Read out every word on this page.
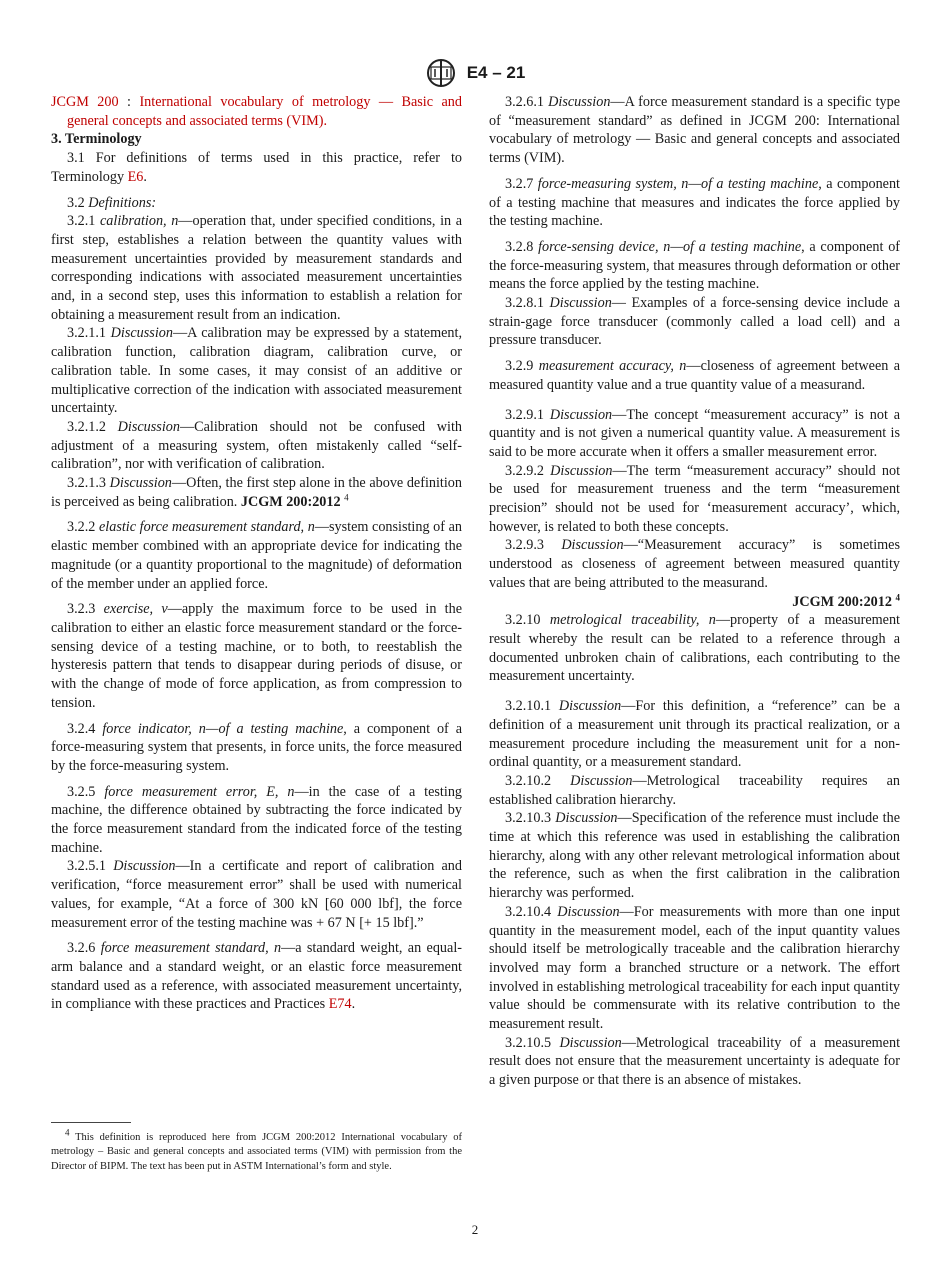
E4 – 21

JCGM 200 : International vocabulary of metrology — Basic and general concepts and associated terms (VIM).

3. Terminology

3.1 For definitions of terms used in this practice, refer to Terminology E6.

3.2 Definitions:

3.2.1 calibration, n—operation that, under specified conditions, in a first step, establishes a relation between the quantity values with measurement uncertainties provided by measurement standards and corresponding indications with associated measurement uncertainties and, in a second step, uses this information to establish a relation for obtaining a measurement result from an indication.

3.2.1.1 Discussion—A calibration may be expressed by a statement, calibration function, calibration diagram, calibration curve, or calibration table. In some cases, it may consist of an additive or multiplicative correction of the indication with associated measurement uncertainty.

3.2.1.2 Discussion—Calibration should not be confused with adjustment of a measuring system, often mistakenly called “self-calibration”, nor with verification of calibration.

3.2.1.3 Discussion—Often, the first step alone in the above definition is perceived as being calibration. JCGM 200:2012 $^4$

3.2.2 elastic force measurement standard, n—system consisting of an elastic member combined with an appropriate device for indicating the magnitude (or a quantity proportional to the magnitude) of deformation of the member under an applied force.

3.2.3 exercise, v—apply the maximum force to be used in the calibration to either an elastic force measurement standard or the force-sensing device of a testing machine, or to both, to reestablish the hysteresis pattern that tends to disappear during periods of disuse, or with the change of mode of force application, as from compression to tension.

3.2.4 force indicator, n—of a testing machine, a component of a force-measuring system that presents, in force units, the force measured by the force-measuring system.

3.2.5 force measurement error, E, n—in the case of a testing machine, the difference obtained by subtracting the force indicated by the force measurement standard from the indicated force of the testing machine.

3.2.5.1 Discussion—In a certificate and report of calibration and verification, “force measurement error” shall be used with numerical values, for example, “At a force of 300 kN [60 000 lbf], the force measurement error of the testing machine was + 67 N [+ 15 lbf].”

3.2.6 force measurement standard, n—a standard weight, an equal-arm balance and a standard weight, or an elastic force measurement standard used as a reference, with associated measurement uncertainty, in compliance with these practices and Practices E74.

3.2.6.1 Discussion—A force measurement standard is a specific type of “measurement standard” as defined in JCGM 200: International vocabulary of metrology — Basic and general concepts and associated terms (VIM).

3.2.7 force-measuring system, n—of a testing machine, a component of a testing machine that measures and indicates the force applied by the testing machine.

3.2.8 force-sensing device, n—of a testing machine, a component of the force-measuring system, that measures through deformation or other means the force applied by the testing machine.

3.2.8.1 Discussion— Examples of a force-sensing device include a strain-gage force transducer (commonly called a load cell) and a pressure transducer.

3.2.9 measurement accuracy, n—closeness of agreement between a measured quantity value and a true quantity value of a measurand.

3.2.9.1 Discussion—The concept “measurement accuracy” is not a quantity and is not given a numerical quantity value. A measurement is said to be more accurate when it offers a smaller measurement error.

3.2.9.2 Discussion—The term “measurement accuracy” should not be used for measurement trueness and the term “measurement precision” should not be used for ‘measurement accuracy’, which, however, is related to both these concepts.

3.2.9.3 Discussion—“Measurement accuracy” is sometimes understood as closeness of agreement between measured quantity values that are being attributed to the measurand.

JCGM 200:2012 $^4$

3.2.10 metrological traceability, n—property of a measurement result whereby the result can be related to a reference through a documented unbroken chain of calibrations, each contributing to the measurement uncertainty.

3.2.10.1 Discussion—For this definition, a “reference” can be a definition of a measurement unit through its practical realization, or a measurement procedure including the measurement unit for a non-ordinal quantity, or a measurement standard.

3.2.10.2 Discussion—Metrological traceability requires an established calibration hierarchy.

3.2.10.3 Discussion—Specification of the reference must include the time at which this reference was used in establishing the calibration hierarchy, along with any other relevant metrological information about the reference, such as when the first calibration in the calibration hierarchy was performed.

3.2.10.4 Discussion—For measurements with more than one input quantity in the measurement model, each of the input quantity values should itself be metrologically traceable and the calibration hierarchy involved may form a branched structure or a network. The effort involved in establishing metrological traceability for each input quantity value should be commensurate with its relative contribution to the measurement result.

3.2.10.5 Discussion—Metrological traceability of a measurement result does not ensure that the measurement uncertainty is adequate for a given purpose or that there is an absence of mistakes.

$^4$ This definition is reproduced here from JCGM 200:2012 International vocabulary of metrology – Basic and general concepts and associated terms (VIM) with permission from the Director of BIPM. The text has been put in ASTM International’s form and style.
2
